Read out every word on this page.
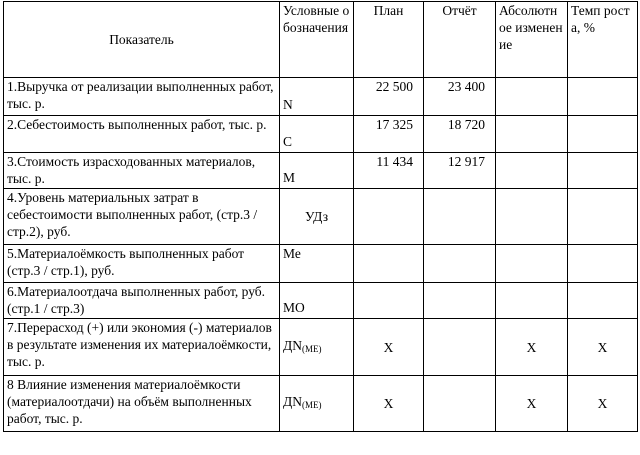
Показатель	Условные обозначения	План	Отчёт	Абсолютное изменение	Темп роста, %
1.Выручка от реализации выполненных работ, тыс. р.	N	22 500	23 400		
2.Себестоимость выполненных работ, тыс. р.	С	17 325	18 720		
3.Стоимость израсходованных материалов, тыс. р.	М	11 434	12 917		
4.Уровень материальных затрат в себестоимости выполненных работ, (стр.3 / стр.2), руб.	УДз				
5.Материалоёмкость выполненных работ (стр.3 / стр.1), руб.	Ме				
6.Материалоотдача выполненных работ, руб. (стр.1 / стр.3)	МО				
7.Перерасход (+) или экономия (-) материалов в результате изменения их материалоёмкости, тыс. р.	$ДN_{(МЕ)}$	Х		Х	Х
8 Влияние изменения материалоёмкости (материалоотдачи) на объём выполненных работ, тыс. р.	$ДN_{(МЕ)}$	Х		Х	Х
